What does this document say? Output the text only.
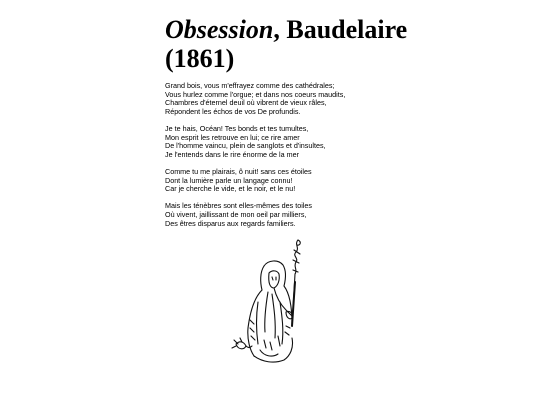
Obsession, Baudelaire
(1861)
Grand bois, vous m'effrayez comme des cathédrales;
Vous hurlez comme l'orgue; et dans nos coeurs maudits,
Chambres d'éternel deuil où vibrent de vieux râles,
Répondent les échos de vos De profundis.
Je te hais, Océan! Tes bonds et tes tumultes,
Mon esprit les retrouve en lui; ce rire amer
De l'homme vaincu, plein de sanglots et d'insultes,
Je l'entends dans le rire énorme de la mer
Comme tu me plairais, ô nuit! sans ces étoiles
Dont la lumière parle un langage connu!
Car je cherche le vide, et le noir, et le nu!
Mais les ténèbres sont elles-mêmes des toiles
Où vivent, jaillissant de mon oeil par milliers,
Des êtres disparus aux regards familiers.
